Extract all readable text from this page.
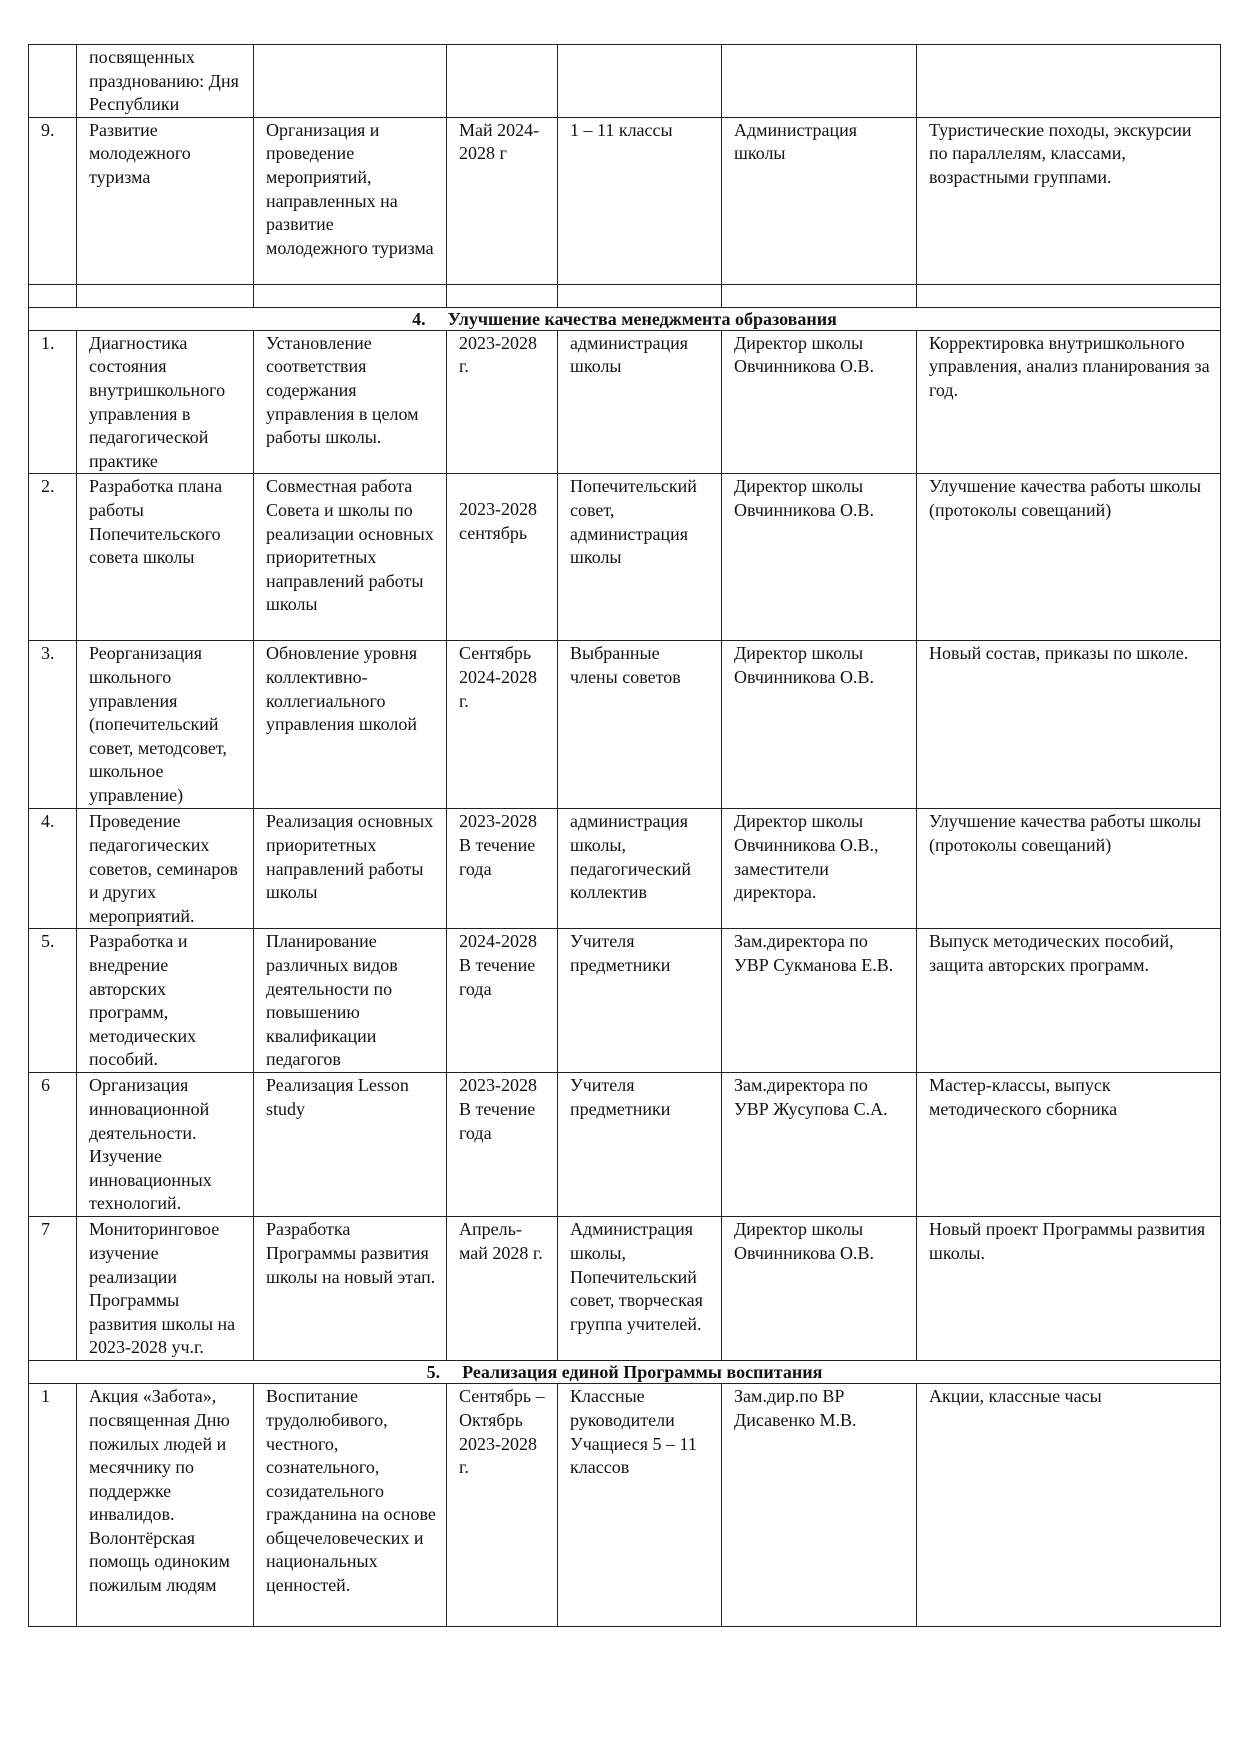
	посвященных празднованию: Дня Республики					
9.	Развитие молодежного туризма	Организация и проведение мероприятий, направленных на развитие молодежного туризма	Май 2024-2028 г	1 – 11 классы	Администрация школы	Туристические походы, экскурсии по параллелям, классами, возрастными группами.

4. Улучшение качества менеджмента образования						
1.	Диагностика состояния внутришкольного управления в педагогической практике	Установление соответствия содержания управления в целом работы школы.	2023-2028 г.	администрация школы	Директор школы Овчинникова О.В.	Корректировка внутришкольного управления, анализ планирования за год.
2.	Разработка плана работы Попечительского совета школы	Совместная работа Совета и школы по реализации основных приоритетных направлений работы школы	2023-2028 сентябрь	Попечительский совет, администрация школы	Директор школы Овчинникова О.В.	Улучшение качества работы школы (протоколы совещаний)
3.	Реорганизация школьного управления (попечительский совет, методсовет, школьное управление)	Обновление уровня коллективно-коллегиального управления школой	Сентябрь 2024-2028 г.	Выбранные члены советов	Директор школы Овчинникова О.В.	Новый состав, приказы по школе.
4.	Проведение педагогических советов, семинаров и других мероприятий.	Реализация основных приоритетных направлений работы школы	2023-2028 В течение года	администрация школы, педагогический коллектив	Директор школы Овчинникова О.В., заместители директора.	Улучшение качества работы школы (протоколы совещаний)
5.	Разработка и внедрение авторских программ, методических пособий.	Планирование различных видов деятельности по повышению квалификации педагогов	2024-2028 В течение года	Учителя предметники	Зам.директора по УВР Сукманова Е.В.	Выпуск методических пособий, защита авторских программ.
6	Организация инновационной деятельности. Изучение инновационных технологий.	Реализация Lesson study	2023-2028 В течение года	Учителя предметники	Зам.директора по УВР Жусупова С.А.	Мастер-классы, выпуск методического сборника
7	Мониторинговое изучение реализации Программы развития школы на 2023-2028 уч.г.	Разработка Программы развития школы на новый этап.	Апрель-май 2028 г.	Администрация школы, Попечительский совет, творческая группа учителей.	Директор школы Овчинникова О.В.	Новый проект Программы развития школы.
5. Реализация единой Программы воспитания						
1	Акция «Забота», посвященная Дню пожилых людей и месячнику по поддержке инвалидов. Волонтёрская помощь одиноким пожилым людям	Воспитание трудолюбивого, честного, сознательного, созидательного гражданина на основе общечеловеческих и национальных ценностей.	Сентябрь – Октябрь 2023-2028 г.	Классные руководители Учащиеся 5 – 11 классов	Зам.дир.по ВР Дисавенко М.В.	Акции, классные часы
